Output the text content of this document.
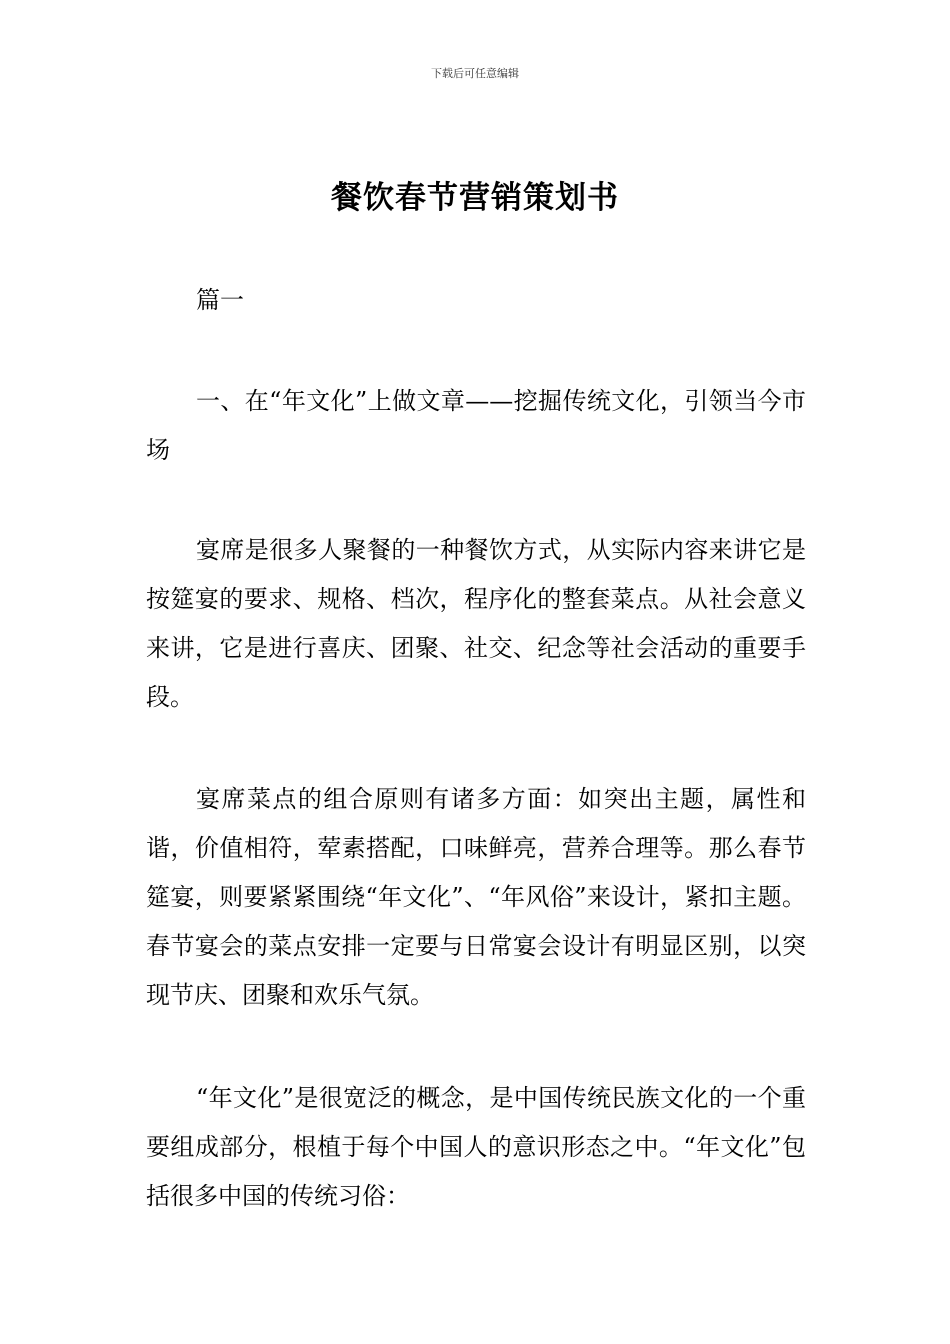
下载后可任意编辑
餐饮春节营销策划书

篇一

一、在“年文化”上做文章——挖掘传统文化，引领当今市场

宴席是很多人聚餐的一种餐饮方式，从实际内容来讲它是按筵宴的要求、规格、档次，程序化的整套菜点。从社会意义来讲，它是进行喜庆、团聚、社交、纪念等社会活动的重要手段。

宴席菜点的组合原则有诸多方面：如突出主题，属性和谐，价值相符，荤素搭配，口味鲜亮，营养合理等。那么春节筵宴，则要紧紧围绕“年文化”、“年风俗”来设计，紧扣主题。春节宴会的菜点安排一定要与日常宴会设计有明显区别，以突现节庆、团聚和欢乐气氛。

“年文化”是很宽泛的概念，是中国传统民族文化的一个重要组成部分，根植于每个中国人的意识形态之中。“年文化”包括很多中国的传统习俗：
